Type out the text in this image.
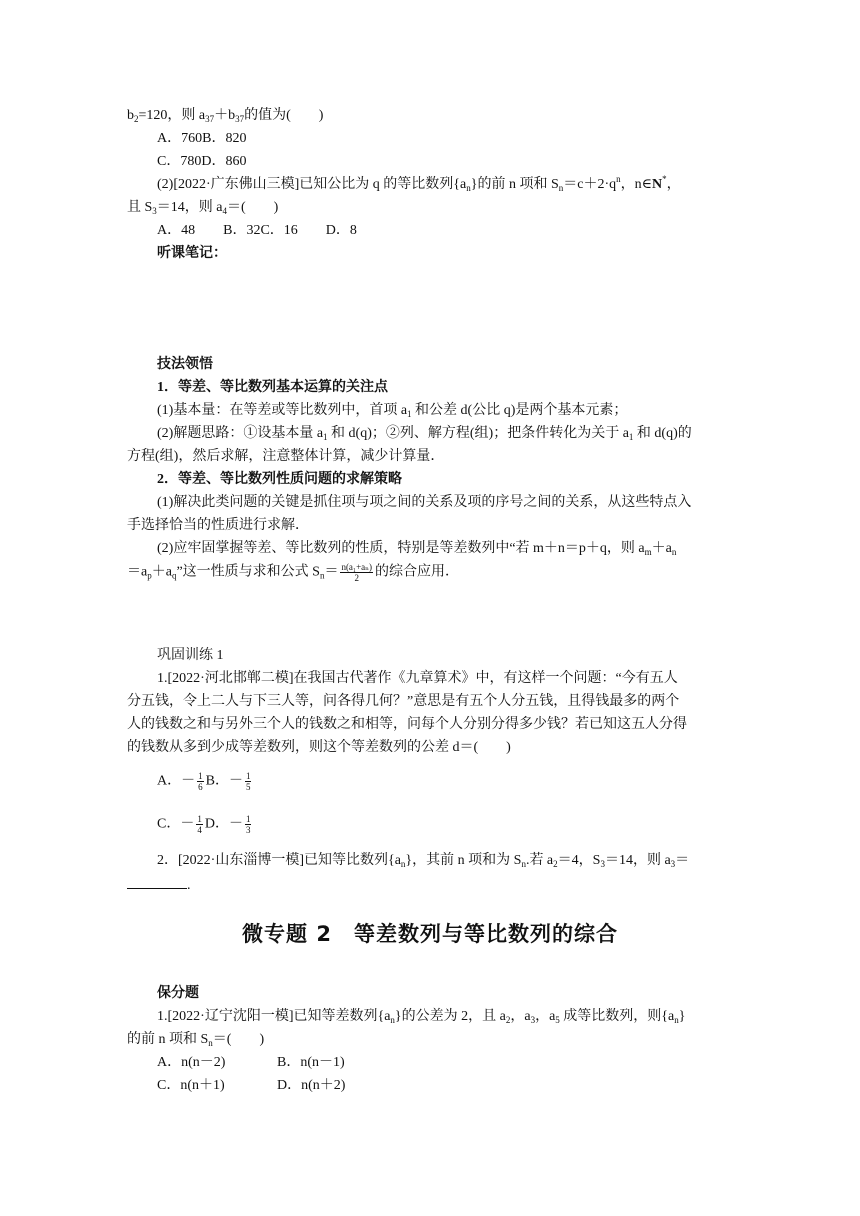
$b_2=120$，则 $a_{37}+b_{37}$的值为(　　)
A．760B．820
C．780D．860
(2)[2022·广东佛山三模]已知公比为 q 的等比数列$\{a_n\}$的前 n 项和 $S_n=c+2\cdot q^n$，n∈N*，
且 $S_3=14$，则 $a_4=$(　　)
A．48　　B．32C．16　　D．8
听课笔记：
技法领悟
1．等差、等比数列基本运算的关注点
(1)基本量：在等差或等比数列中，首项 $a_1$ 和公差 d(公比 q)是两个基本元素；
(2)解题思路：①设基本量 $a_1$ 和 d(q)；②列、解方程(组)；把条件转化为关于 $a_1$ 和 d(q)的
方程(组)，然后求解，注意整体计算，减少计算量．
2．等差、等比数列性质问题的求解策略
(1)解决此类问题的关键是抓住项与项之间的关系及项的序号之间的关系，从这些特点入
手选择恰当的性质进行求解．
(2)应牢固掌握等差、等比数列的性质，特别是等差数列中“若 m＋n＝p＋q，则 $a_m+a_n$
$=a_p+a_q$”这一性质与求和公式 $S_n= \frac{\text{n(a₁+aₙ)}}{2}$ 的综合应用．
巩固训练 1
1.[2022·河北邯郸二模]在我国古代著作《九章算术》中，有这样一个问题：“今有五人
分五钱，令上二人与下三人等，问各得几何？”意思是有五个人分五钱，且得钱最多的两个
人的钱数之和与另外三个人的钱数之和相等，问每个人分别分得多少钱？若已知这五人分得
的钱数从多到少成等差数列，则这个等差数列的公差 d＝(　　)
A．－ $\frac{1}{6}$ B．－ $\frac{1}{5}$
C．－ $\frac{1}{4}$ D．－ $\frac{1}{3}$
2．[2022·山东淄博一模]已知等比数列$\{a_n\}$，其前 n 项和为 $S_n$.若 $a_2=4$，$S_3=14$，则 $a_3=$
.
微专题 2　等差数列与等比数列的综合
保分题
1.[2022·辽宁沈阳一模]已知等差数列$\{a_n\}$的公差为 2，且 $a_2$，$a_3$，$a_5$ 成等比数列，则$\{a_n\}$
的前 n 项和 $S_n=$(　　)
A．n(n－2)	B．n(n－1)
C．n(n＋1)	D．n(n＋2)
